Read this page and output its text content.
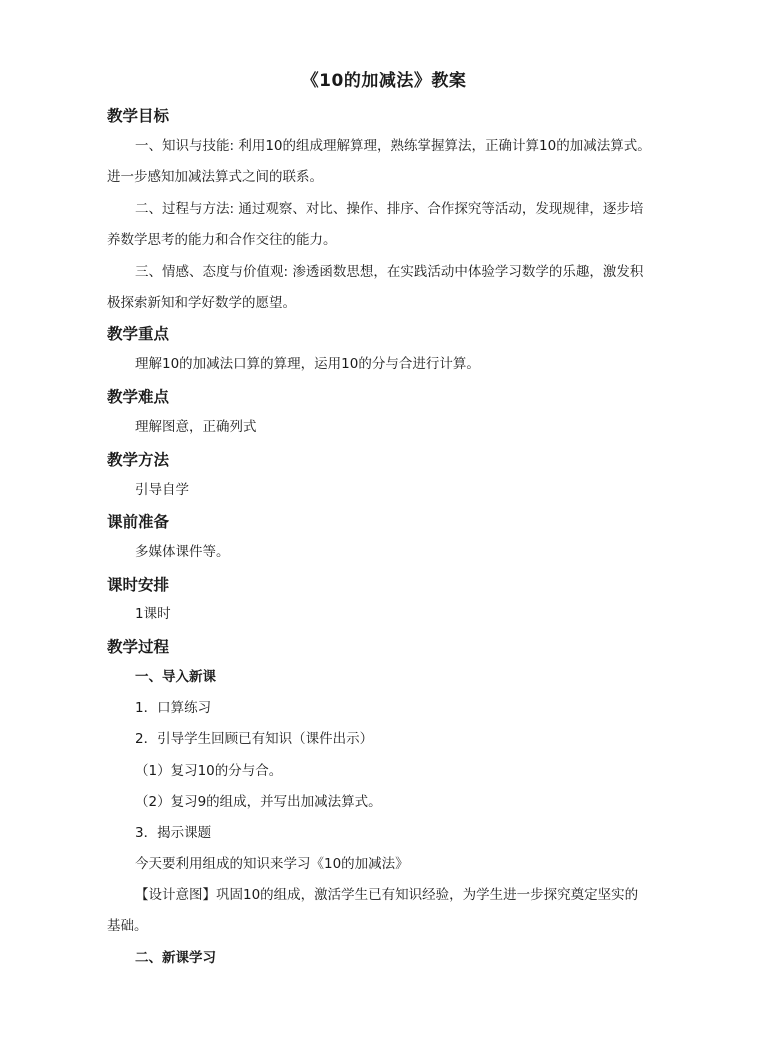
《10的加减法》教案
教学目标
一、知识与技能: 利用10的组成理解算理，熟练掌握算法，正确计算10的加减法算式。
进一步感知加减法算式之间的联系。
二、过程与方法: 通过观察、对比、操作、排序、合作探究等活动，发现规律，逐步培
养数学思考的能力和合作交往的能力。
三、情感、态度与价值观: 渗透函数思想，在实践活动中体验学习数学的乐趣，激发积
极探索新知和学好数学的愿望。
教学重点
理解10的加减法口算的算理，运用10的分与合进行计算。
教学难点
理解图意，正确列式
教学方法
引导自学
课前准备
多媒体课件等。
课时安排
1课时
教学过程
一、导入新课
1．口算练习
2．引导学生回顾已有知识（课件出示）
（1）复习10的分与合。
（2）复习9的组成，并写出加减法算式。
3．揭示课题
今天要利用组成的知识来学习《10的加减法》
【设计意图】巩固10的组成，激活学生已有知识经验，为学生进一步探究奠定坚实的
基础。
二、新课学习
